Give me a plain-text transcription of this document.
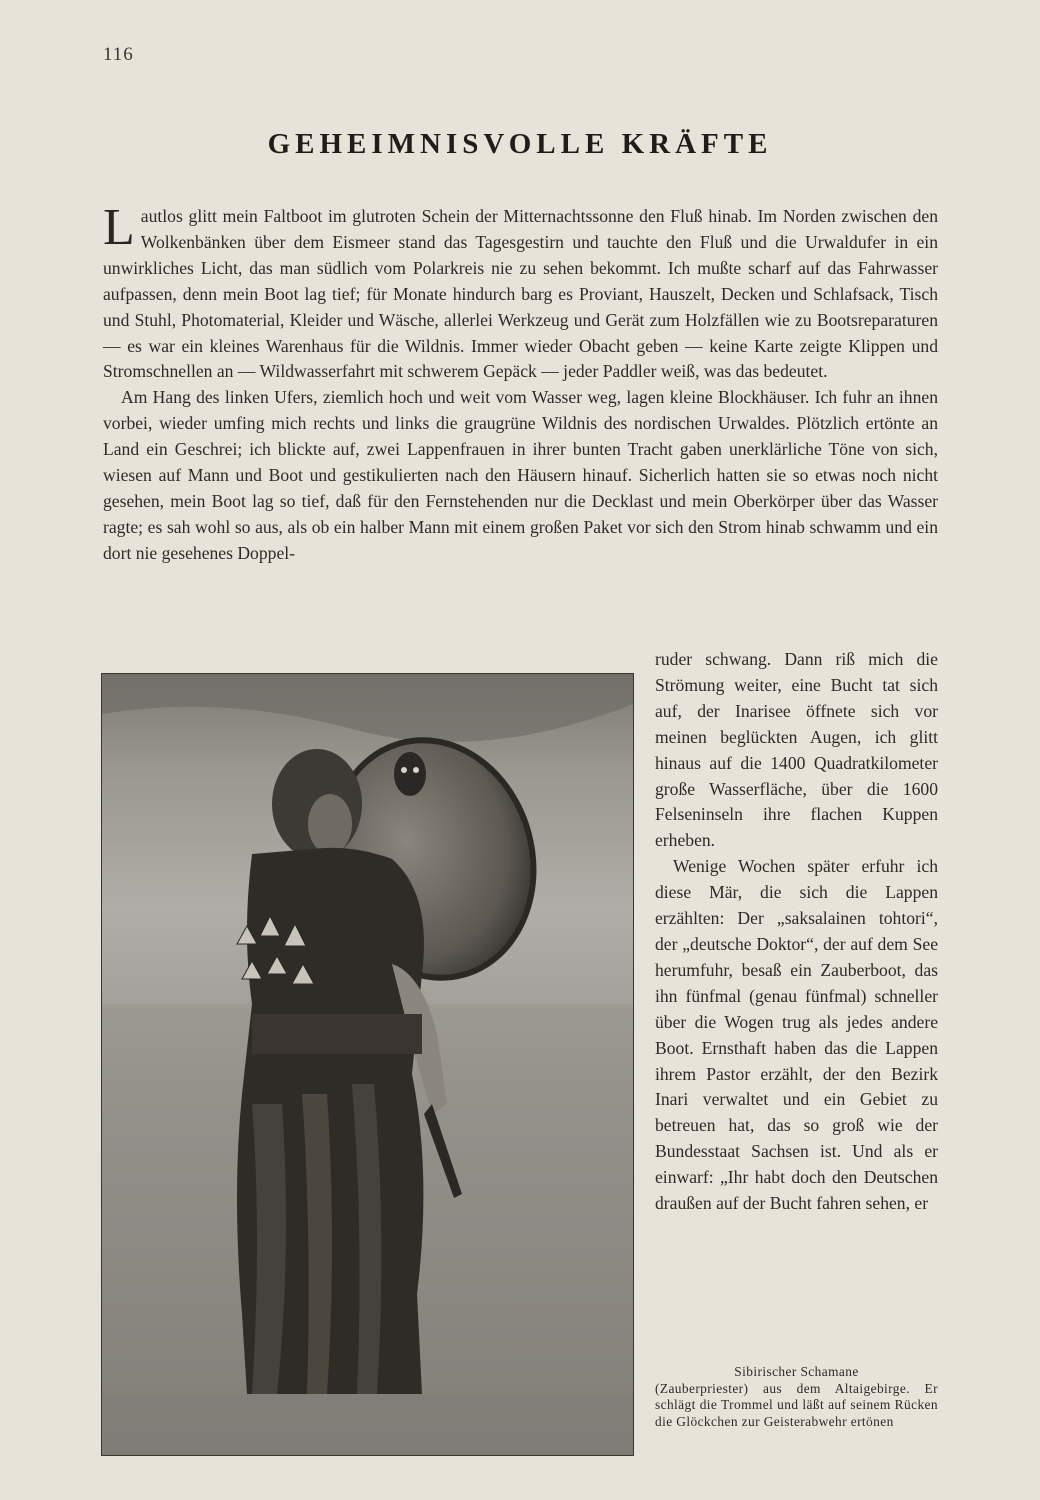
116
GEHEIMNISVOLLE KRÄFTE

Lautlos glitt mein Faltboot im glutroten Schein der Mitternachtssonne den Fluß hinab. Im Norden zwischen den Wolkenbänken über dem Eismeer stand das Tagesgestirn und tauchte den Fluß und die Urwaldufer in ein unwirkliches Licht, das man südlich vom Polarkreis nie zu sehen bekommt. Ich mußte scharf auf das Fahrwasser aufpassen, denn mein Boot lag tief; für Monate hindurch barg es Proviant, Hauszelt, Decken und Schlafsack, Tisch und Stuhl, Photomaterial, Kleider und Wäsche, allerlei Werkzeug und Gerät zum Holzfällen wie zu Bootsreparaturen — es war ein kleines Warenhaus für die Wildnis. Immer wieder Obacht geben — keine Karte zeigte Klippen und Stromschnellen an — Wildwasserfahrt mit schwerem Gepäck — jeder Paddler weiß, was das bedeutet.

Am Hang des linken Ufers, ziemlich hoch und weit vom Wasser weg, lagen kleine Blockhäuser. Ich fuhr an ihnen vorbei, wieder umfing mich rechts und links die graugrüne Wildnis des nordischen Urwaldes. Plötzlich ertönte an Land ein Geschrei; ich blickte auf, zwei Lappenfrauen in ihrer bunten Tracht gaben unerklärliche Töne von sich, wiesen auf Mann und Boot und gestikulierten nach den Häusern hinauf. Sicherlich hatten sie so etwas noch nicht gesehen, mein Boot lag so tief, daß für den Fernstehenden nur die Decklast und mein Oberkörper über das Wasser ragte; es sah wohl so aus, als ob ein halber Mann mit einem großen Paket vor sich den Strom hinab schwamm und ein dort nie gesehenes Doppel-

ruder schwang. Dann riß mich die Strömung weiter, eine Bucht tat sich auf, der Inarisee öffnete sich vor meinen beglückten Augen, ich glitt hinaus auf die 1400 Quadratkilometer große Wasserfläche, über die 1600 Felseninseln ihre flachen Kuppen erheben.

Wenige Wochen später erfuhr ich diese Mär, die sich die Lappen erzählten: Der „saksalainen tohtori“, der „deutsche Doktor“, der auf dem See herumfuhr, besaß ein Zauberboot, das ihn fünfmal (genau fünfmal) schneller über die Wogen trug als jedes andere Boot. Ernsthaft haben das die Lappen ihrem Pastor erzählt, der den Bezirk Inari verwaltet und ein Gebiet zu betreuen hat, das so groß wie der Bundesstaat Sachsen ist. Und als er einwarf: „Ihr habt doch den Deutschen draußen auf der Bucht fahren sehen, er

Sibirischer Schamane
(Zauberpriester) aus dem Altaigebirge. Er schlägt die Trommel und läßt auf seinem Rücken die Glöckchen zur Geisterabwehr ertönen
